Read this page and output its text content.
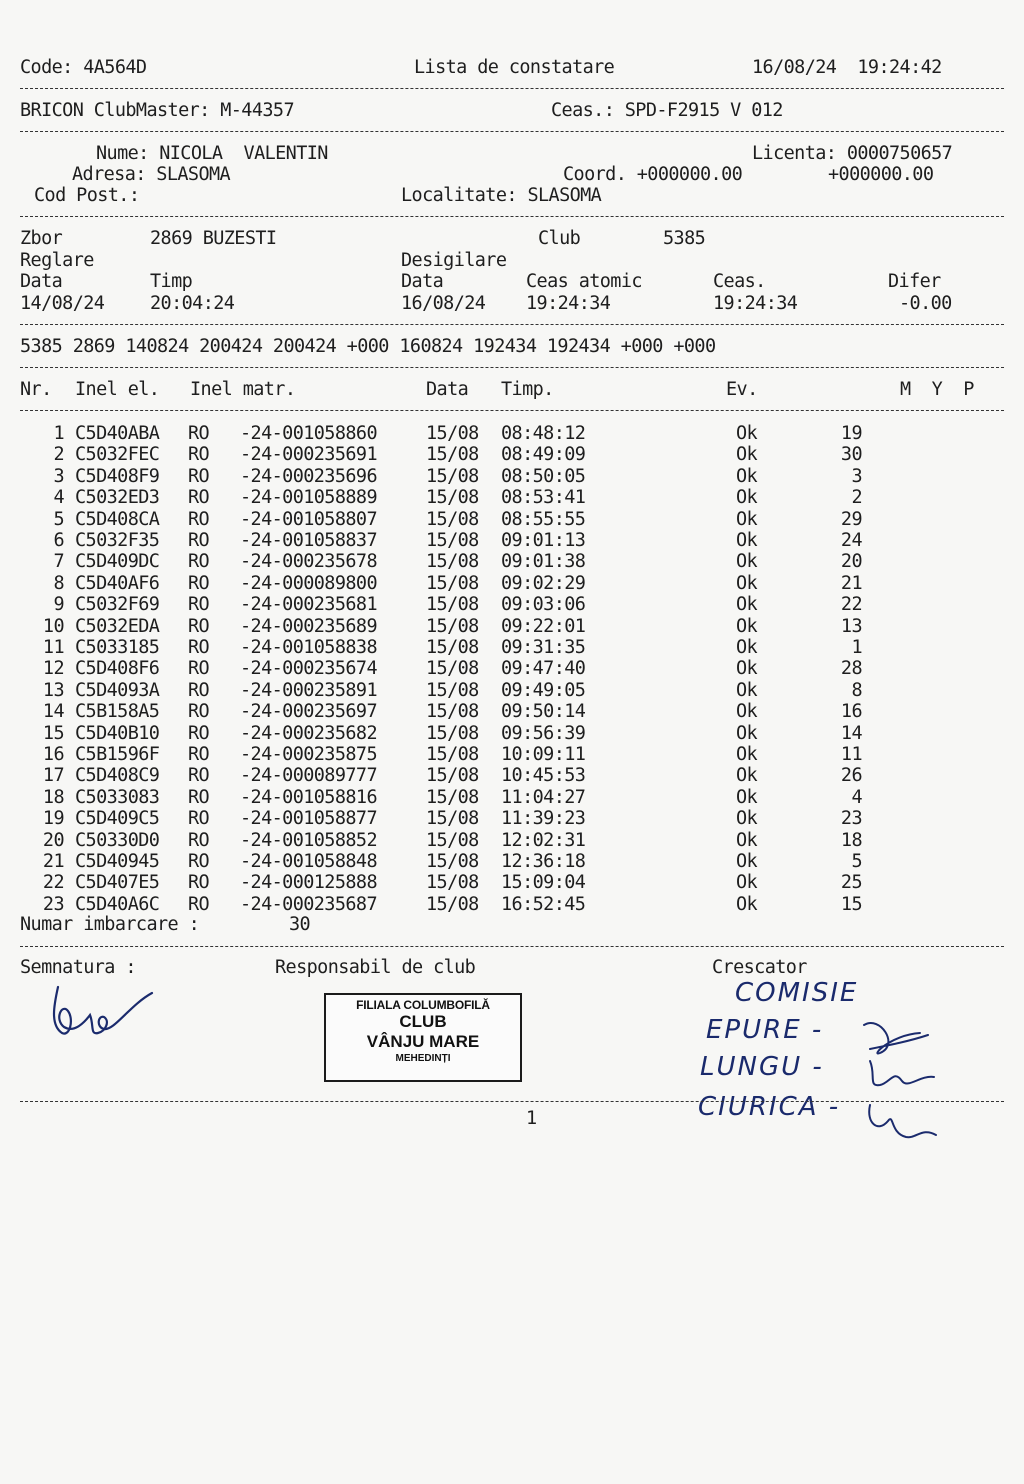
Code: 4A564D	Lista de constatare	16/08/24  19:24:42
BRICON ClubMaster: M-44357	Ceas.: SPD-F2915 V 012
Nume: NICOLA  VALENTIN	Licenta: 0000750657
Adresa: SLASOMA	Coord. +000000.00	+000000.00
Cod Post.:	Localitate: SLASOMA
Zbor	2869 BUZESTI	Club	5385
Reglare	Desigilare
Data	Timp	Data	Ceas atomic	Ceas.	Difer
14/08/24 20:04:24	16/08/24 19:24:34	19:24:34	-0.00
5385 2869 140824 200424 200424 +000 160824 192434 192434 +000 +000
Nr. Inel el. Inel matr.	Data Timp.	Ev.	M  Y  P
1 C5D40ABA RO -24-001058860	15/08 08:48:12	Ok	19
2 C5032FEC RO -24-000235691	15/08 08:49:09	Ok	30
3 C5D408F9 RO -24-000235696	15/08 08:50:05	Ok	3
4 C5032ED3 RO -24-001058889	15/08 08:53:41	Ok	2
5 C5D408CA RO -24-001058807	15/08 08:55:55	Ok	29
6 C5032F35 RO -24-001058837	15/08 09:01:13	Ok	24
7 C5D409DC RO -24-000235678	15/08 09:01:38	Ok	20
8 C5D40AF6 RO -24-000089800	15/08 09:02:29	Ok	21
9 C5032F69 RO -24-000235681	15/08 09:03:06	Ok	22
10 C5032EDA RO -24-000235689	15/08 09:22:01	Ok	13
11 C5033185 RO -24-001058838	15/08 09:31:35	Ok	1
12 C5D408F6 RO -24-000235674	15/08 09:47:40	Ok	28
13 C5D4093A RO -24-000235891	15/08 09:49:05	Ok	8
14 C5B158A5 RO -24-000235697	15/08 09:50:14	Ok	16
15 C5D40B10 RO -24-000235682	15/08 09:56:39	Ok	14
16 C5B1596F RO -24-000235875	15/08 10:09:11	Ok	11
17 C5D408C9 RO -24-000089777	15/08 10:45:53	Ok	26
18 C5033083 RO -24-001058816	15/08 11:04:27	Ok	4
19 C5D409C5 RO -24-001058877	15/08 11:39:23	Ok	23
20 C50330D0 RO -24-001058852	15/08 12:02:31	Ok	18
21 C5D40945 RO -24-001058848	15/08 12:36:18	Ok	5
22 C5D407E5 RO -24-000125888	15/08 15:09:04	Ok	25
23 C5D40A6C RO -24-000235687	15/08 16:52:45	Ok	15
Numar imbarcare :	30
Semnatura :	Responsabil de club	Crescator
FILIALA COLUMBOFILĂ
CLUB
VÂNJU MARE
MEHEDINȚI
COMISIE
EPURE -
LUNGU -
CIURICA -
1
